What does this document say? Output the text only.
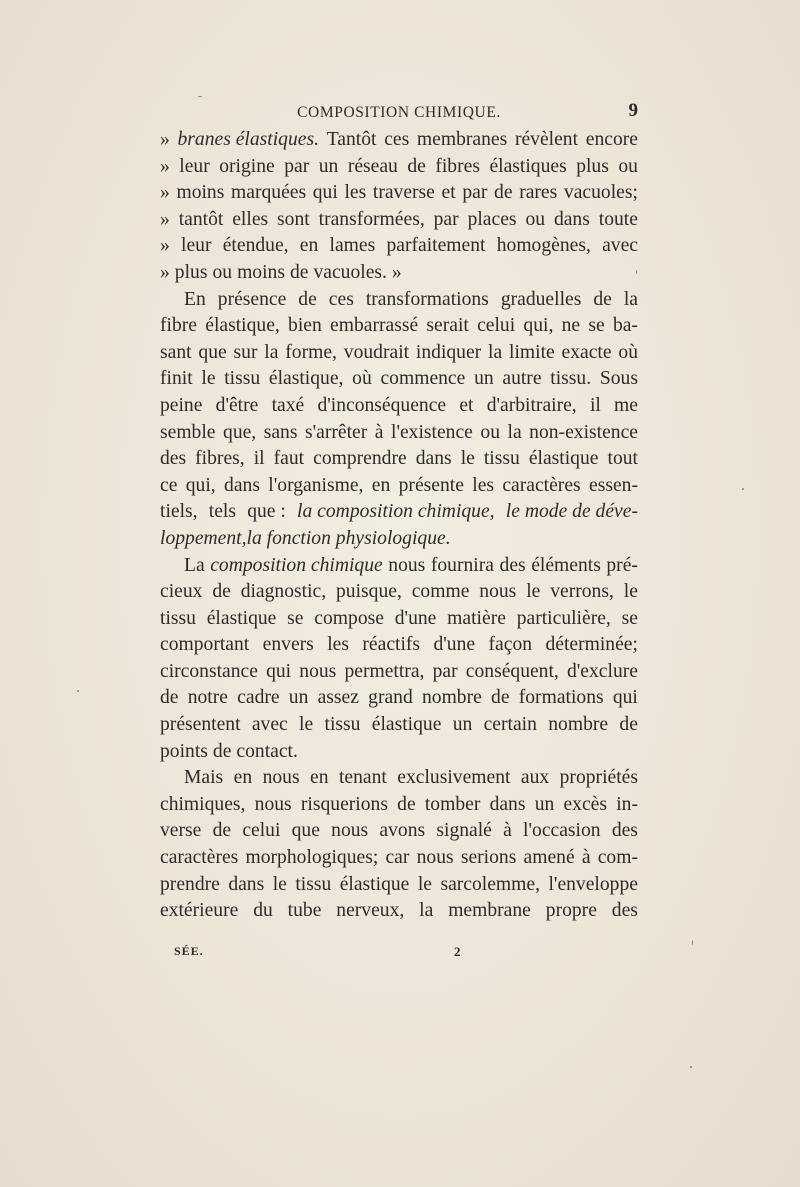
COMPOSITION CHIMIQUE.	9
» branes élastiques. Tantôt ces membranes révèlent encore
» leur origine par un réseau de fibres élastiques plus ou
» moins marquées qui les traverse et par de rares vacuoles;
» tantôt elles sont transformées, par places ou dans toute
» leur étendue, en lames parfaitement homogènes, avec
» plus ou moins de vacuoles. »
En présence de ces transformations graduelles de la
fibre élastique, bien embarrassé serait celui qui, ne se ba-
sant que sur la forme, voudrait indiquer la limite exacte où
finit le tissu élastique, où commence un autre tissu. Sous
peine d'être taxé d'inconséquence et d'arbitraire, il me
semble que, sans s'arrêter à l'existence ou la non-existence
des fibres, il faut comprendre dans le tissu élastique tout
ce qui, dans l'organisme, en présente les caractères essen-
tiels, tels que : la composition chimique, le mode de déve-
loppement, la fonction physiologique.
La composition chimique nous fournira des éléments pré-
cieux de diagnostic, puisque, comme nous le verrons, le
tissu élastique se compose d'une matière particulière, se
comportant envers les réactifs d'une façon déterminée;
circonstance qui nous permettra, par conséquent, d'exclure
de notre cadre un assez grand nombre de formations qui
présentent avec le tissu élastique un certain nombre de
points de contact.
Mais en nous en tenant exclusivement aux propriétés
chimiques, nous risquerions de tomber dans un excès in-
verse de celui que nous avons signalé à l'occasion des
caractères morphologiques; car nous serions amené à com-
prendre dans le tissu élastique le sarcolemme, l'enveloppe
extérieure du tube nerveux, la membrane propre des
SÉE.	2
